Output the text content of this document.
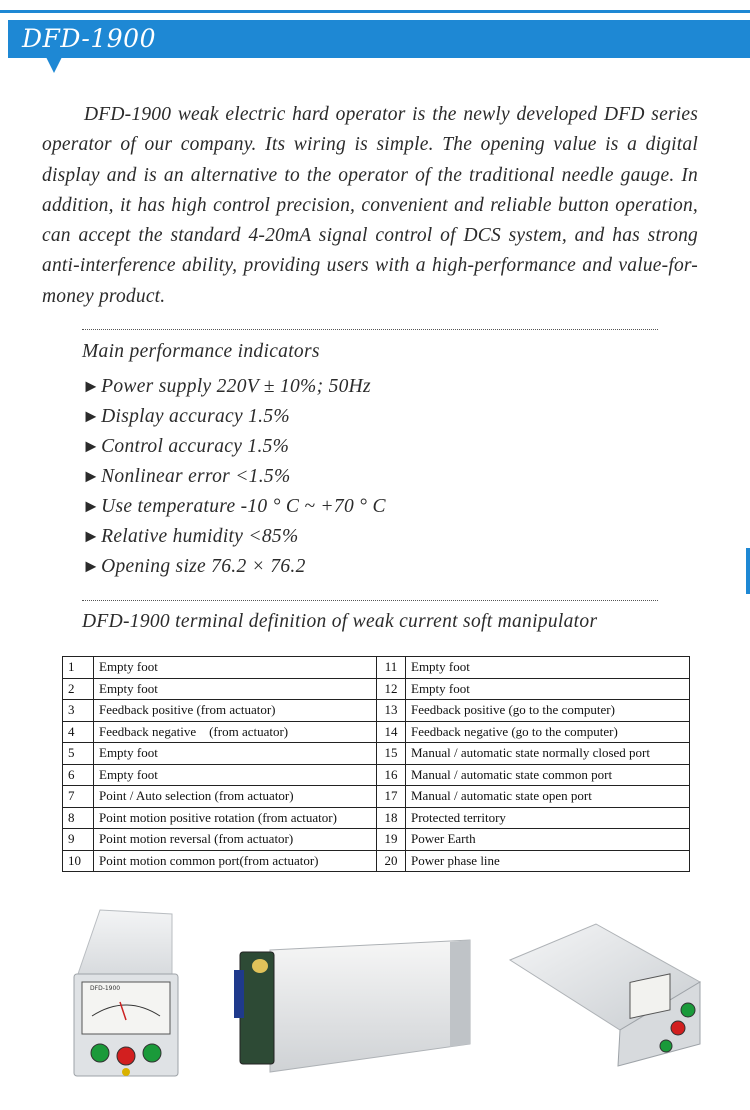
DFD-1900

DFD-1900 weak electric hard operator is the newly developed DFD series operator of our company. Its wiring is simple. The opening value is a digital display and is an alternative to the operator of the traditional needle gauge. In addition, it has high control precision, convenient and reliable button operation, can accept the standard 4-20mA signal control of DCS system, and has strong anti-interference ability, providing users with a high-performance and value-for-money product.

Main performance indicators
►Power supply 220V ± 10%; 50Hz
►Display accuracy 1.5%
►Control accuracy 1.5%
►Nonlinear error <1.5%
►Use temperature -10 ° C ~ +70 ° C
►Relative humidity <85%
►Opening size 76.2 × 76.2
DFD-1900 terminal definition of weak current soft manipulator
1	Empty foot	11	Empty foot
2	Empty foot	12	Empty foot
3	Feedback positive (from actuator)	13	Feedback positive (go to the computer)
4	Feedback negative    (from actuator)	14	Feedback negative (go to the computer)
5	Empty foot	15	Manual / automatic state normally closed port
6	Empty foot	16	Manual / automatic state common port
7	Point / Auto selection (from actuator)	17	Manual / automatic state open port
8	Point motion positive rotation (from actuator)	18	Protected territory
9	Point motion reversal (from actuator)	19	Power Earth
10	Point motion common port(from actuator)	20	Power phase line
DFD-1900
